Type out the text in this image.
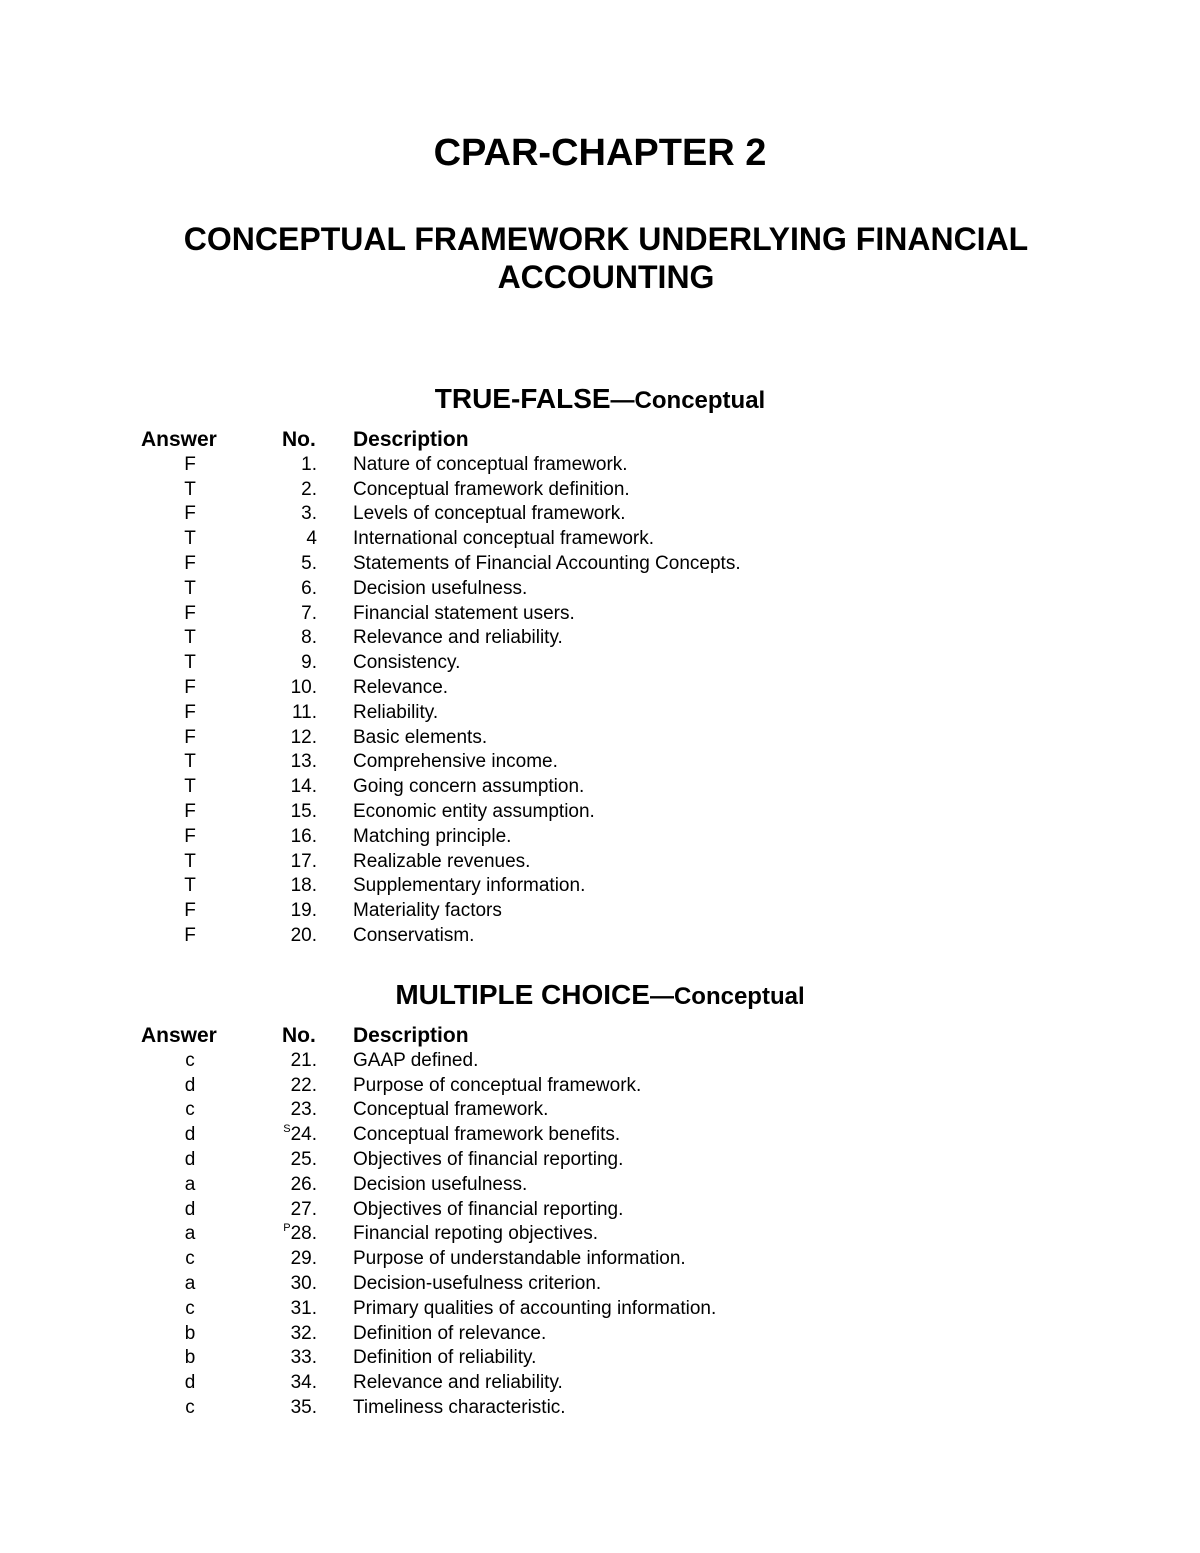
CPAR-CHAPTER 2
CONCEPTUAL FRAMEWORK UNDERLYING FINANCIAL
ACCOUNTING
TRUE-FALSE—Conceptual
Answer	No. Description
F	1. Nature of conceptual framework.
T	2. Conceptual framework definition.
F	3. Levels of conceptual framework.
T	4 International conceptual framework.
F	5. Statements of Financial Accounting Concepts.
T	6. Decision usefulness.
F	7. Financial statement users.
T	8. Relevance and reliability.
T	9. Consistency.
F	10. Relevance.
F	11. Reliability.
F	12. Basic elements.
T	13. Comprehensive income.
T	14. Going concern assumption.
F	15. Economic entity assumption.
F	16. Matching principle.
T	17. Realizable revenues.
T	18. Supplementary information.
F	19. Materiality factors
F	20. Conservatism.
MULTIPLE CHOICE—Conceptual
Answer	No. Description
c	21. GAAP defined.
d	22. Purpose of conceptual framework.
c	23. Conceptual framework.
d	$^S$24. Conceptual framework benefits.
d	25. Objectives of financial reporting.
a	26. Decision usefulness.
d	27. Objectives of financial reporting.
a	$^P$28. Financial repoting objectives.
c	29. Purpose of understandable information.
a	30. Decision-usefulness criterion.
c	31. Primary qualities of accounting information.
b	32. Definition of relevance.
b	33. Definition of reliability.
d	34. Relevance and reliability.
c	35. Timeliness characteristic.
